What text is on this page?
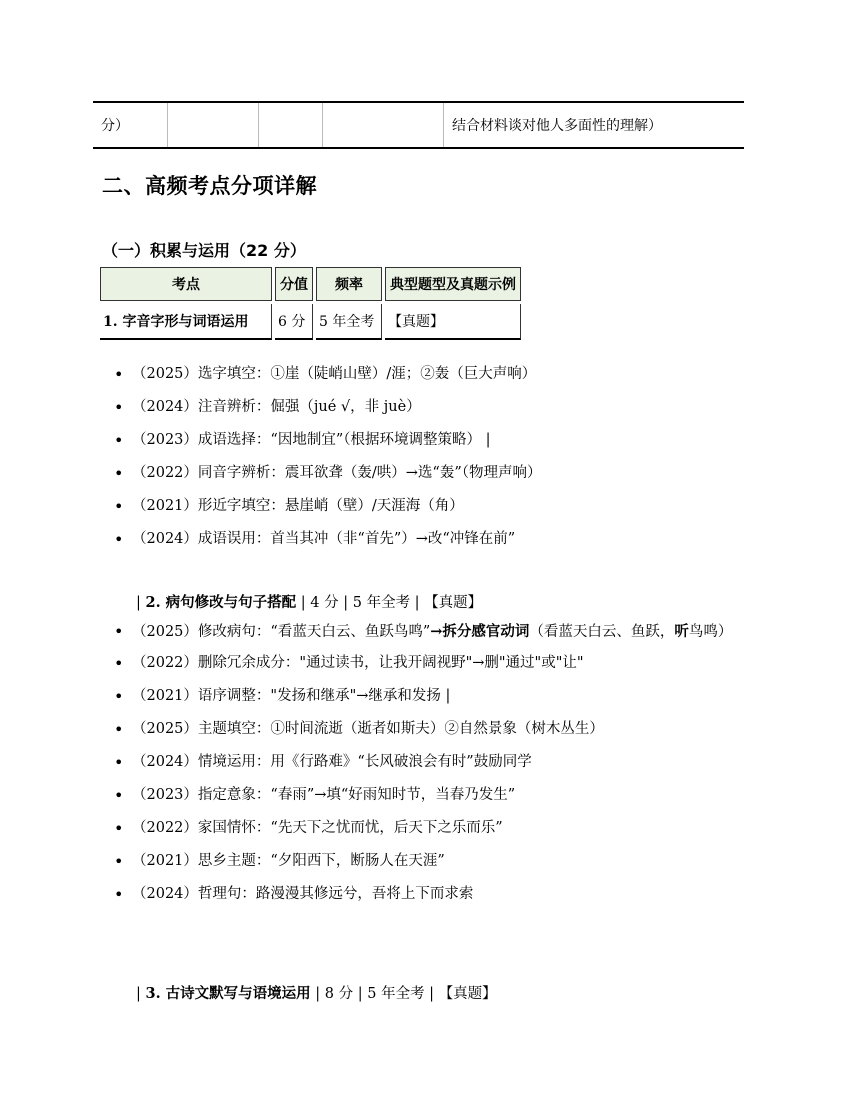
分）				结合材料谈对他人多面性的理解）
二、高频考点分项详解
（一）积累与运用（22 分）
考点	分值	频率	典型题型及真题示例
1. 字音字形与词语运用	6 分	5 年全考	【真题】
• （2025）选字填空：①崖（陡峭山壁）/涯；②轰（巨大声响）
• （2024）注音辨析：倔强（jué √，非 juè）
• （2023）成语选择：“因地制宜”（根据环境调整策略） |
• （2022）同音字辨析：震耳欲聋（轰/哄）→选“轰”（物理声响）
• （2021）形近字填空：悬崖峭（壁）/天涯海（角）
• （2024）成语误用：首当其冲（非“首先”）→改“冲锋在前”
| 2. 病句修改与句子搭配 | 4 分 | 5 年全考 | 【真题】
• （2025）修改病句：“看蓝天白云、鱼跃鸟鸣”→拆分感官动词（看蓝天白云、鱼跃，听鸟鸣）
• （2022）删除冗余成分："通过读书，让我开阔视野"→删"通过"或"让"
• （2021）语序调整："发扬和继承"→继承和发扬 |
• （2025）主题填空：①时间流逝（逝者如斯夫）②自然景象（树木丛生）
• （2024）情境运用：用《行路难》“长风破浪会有时”鼓励同学
• （2023）指定意象：“春雨”→填“好雨知时节，当春乃发生”
• （2022）家国情怀：“先天下之忧而忧，后天下之乐而乐”
• （2021）思乡主题：“夕阳西下，断肠人在天涯”
• （2024）哲理句：路漫漫其修远兮，吾将上下而求索
| 3. 古诗文默写与语境运用 | 8 分 | 5 年全考 | 【真题】
